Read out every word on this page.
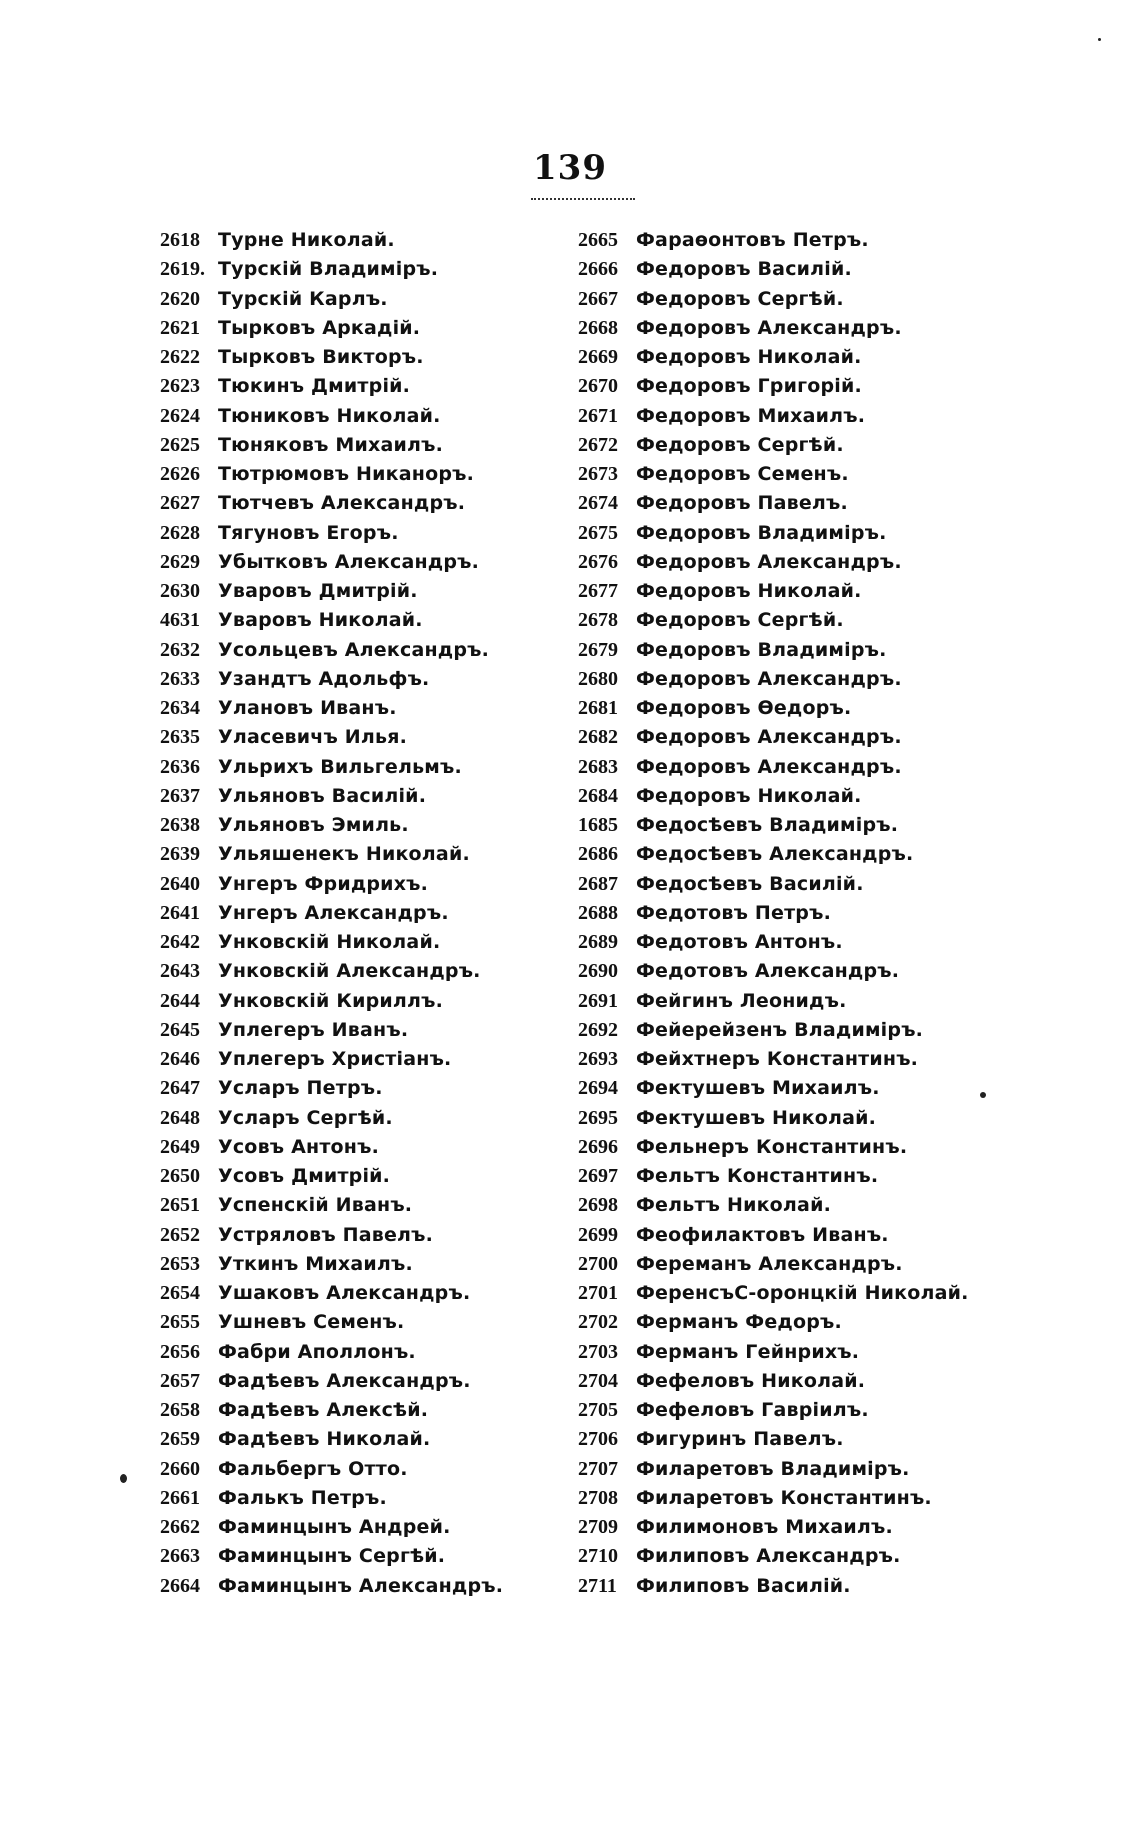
139
2618 Турне Николай.
2619. Турскій Владиміръ.
2620 Турскій Карлъ.
2621 Тырковъ Аркадій.
2622 Тырковъ Викторъ.
2623 Тюкинъ Дмитрій.
2624 Тюниковъ Николай.
2625 Тюняковъ Михаилъ.
2626 Тютрюмовъ Никаноръ.
2627 Тютчевъ Александръ.
2628 Тягуновъ Егоръ.
2629 Убытковъ Александръ.
2630 Уваровъ Дмитрій.
4631 Уваровъ Николай.
2632 Усольцевъ Александръ.
2633 Узандтъ Адольфъ.
2634 Улановъ Иванъ.
2635 Уласевичъ Илья.
2636 Ульрихъ Вильгельмъ.
2637 Ульяновъ Василій.
2638 Ульяновъ Эмиль.
2639 Ульяшенекъ Николай.
2640 Унгеръ Фридрихъ.
2641 Унгеръ Александръ.
2642 Унковскій Николай.
2643 Унковскій Александръ.
2644 Унковскій Кириллъ.
2645 Уплегеръ Иванъ.
2646 Уплегеръ Христіанъ.
2647 Усларъ Петръ.
2648 Усларъ Сергѣй.
2649 Усовъ Антонъ.
2650 Усовъ Дмитрій.
2651 Успенскій Иванъ.
2652 Устряловъ Павелъ.
2653 Уткинъ Михаилъ.
2654 Ушаковъ Александръ.
2655 Ушневъ Семенъ.
2656 Фабри Аполлонъ.
2657 Фадѣевъ Александръ.
2658 Фадѣевъ Алексѣй.
2659 Фадѣевъ Николай.
2660 Фальбергъ Отто.
2661 Фалькъ Петръ.
2662 Фаминцынъ Андрей.
2663 Фаминцынъ Сергѣй.
2664 Фаминцынъ Александръ.
2665 Фараѳонтовъ Петръ.
2666 Федоровъ Василій.
2667 Федоровъ Сергѣй.
2668 Федоровъ Александръ.
2669 Федоровъ Николай.
2670 Федоровъ Григорій.
2671 Федоровъ Михаилъ.
2672 Федоровъ Сергѣй.
2673 Федоровъ Семенъ.
2674 Федоровъ Павелъ.
2675 Федоровъ Владиміръ.
2676 Федоровъ Александръ.
2677 Федоровъ Николай.
2678 Федоровъ Сергѣй.
2679 Федоровъ Владиміръ.
2680 Федоровъ Александръ.
2681 Федоровъ Ѳедоръ.
2682 Федоровъ Александръ.
2683 Федоровъ Александръ.
2684 Федоровъ Николай.
1685 Федосѣевъ Владиміръ.
2686 Федосѣевъ Александръ.
2687 Федосѣевъ Василій.
2688 Федотовъ Петръ.
2689 Федотовъ Антонъ.
2690 Федотовъ Александръ.
2691 Фейгинъ Леонидъ.
2692 Фейерейзенъ Владиміръ.
2693 Фейхтнеръ Константинъ.
2694 Фектушевъ Михаилъ.
2695 Фектушевъ Николай.
2696 Фельнеръ Константинъ.
2697 Фельтъ Константинъ.
2698 Фельтъ Николай.
2699 Феофилактовъ Иванъ.
2700 Фереманъ Александръ.
2701 ФеренсъС-оронцкій Николай.
2702 Ферманъ Федоръ.
2703 Ферманъ Гейнрихъ.
2704 Фефеловъ Николай.
2705 Фефеловъ Гавріилъ.
2706 Фигуринъ Павелъ.
2707 Филаретовъ Владиміръ.
2708 Филаретовъ Константинъ.
2709 Филимоновъ Михаилъ.
2710 Филиповъ Александръ.
2711 Филиповъ Василій.
